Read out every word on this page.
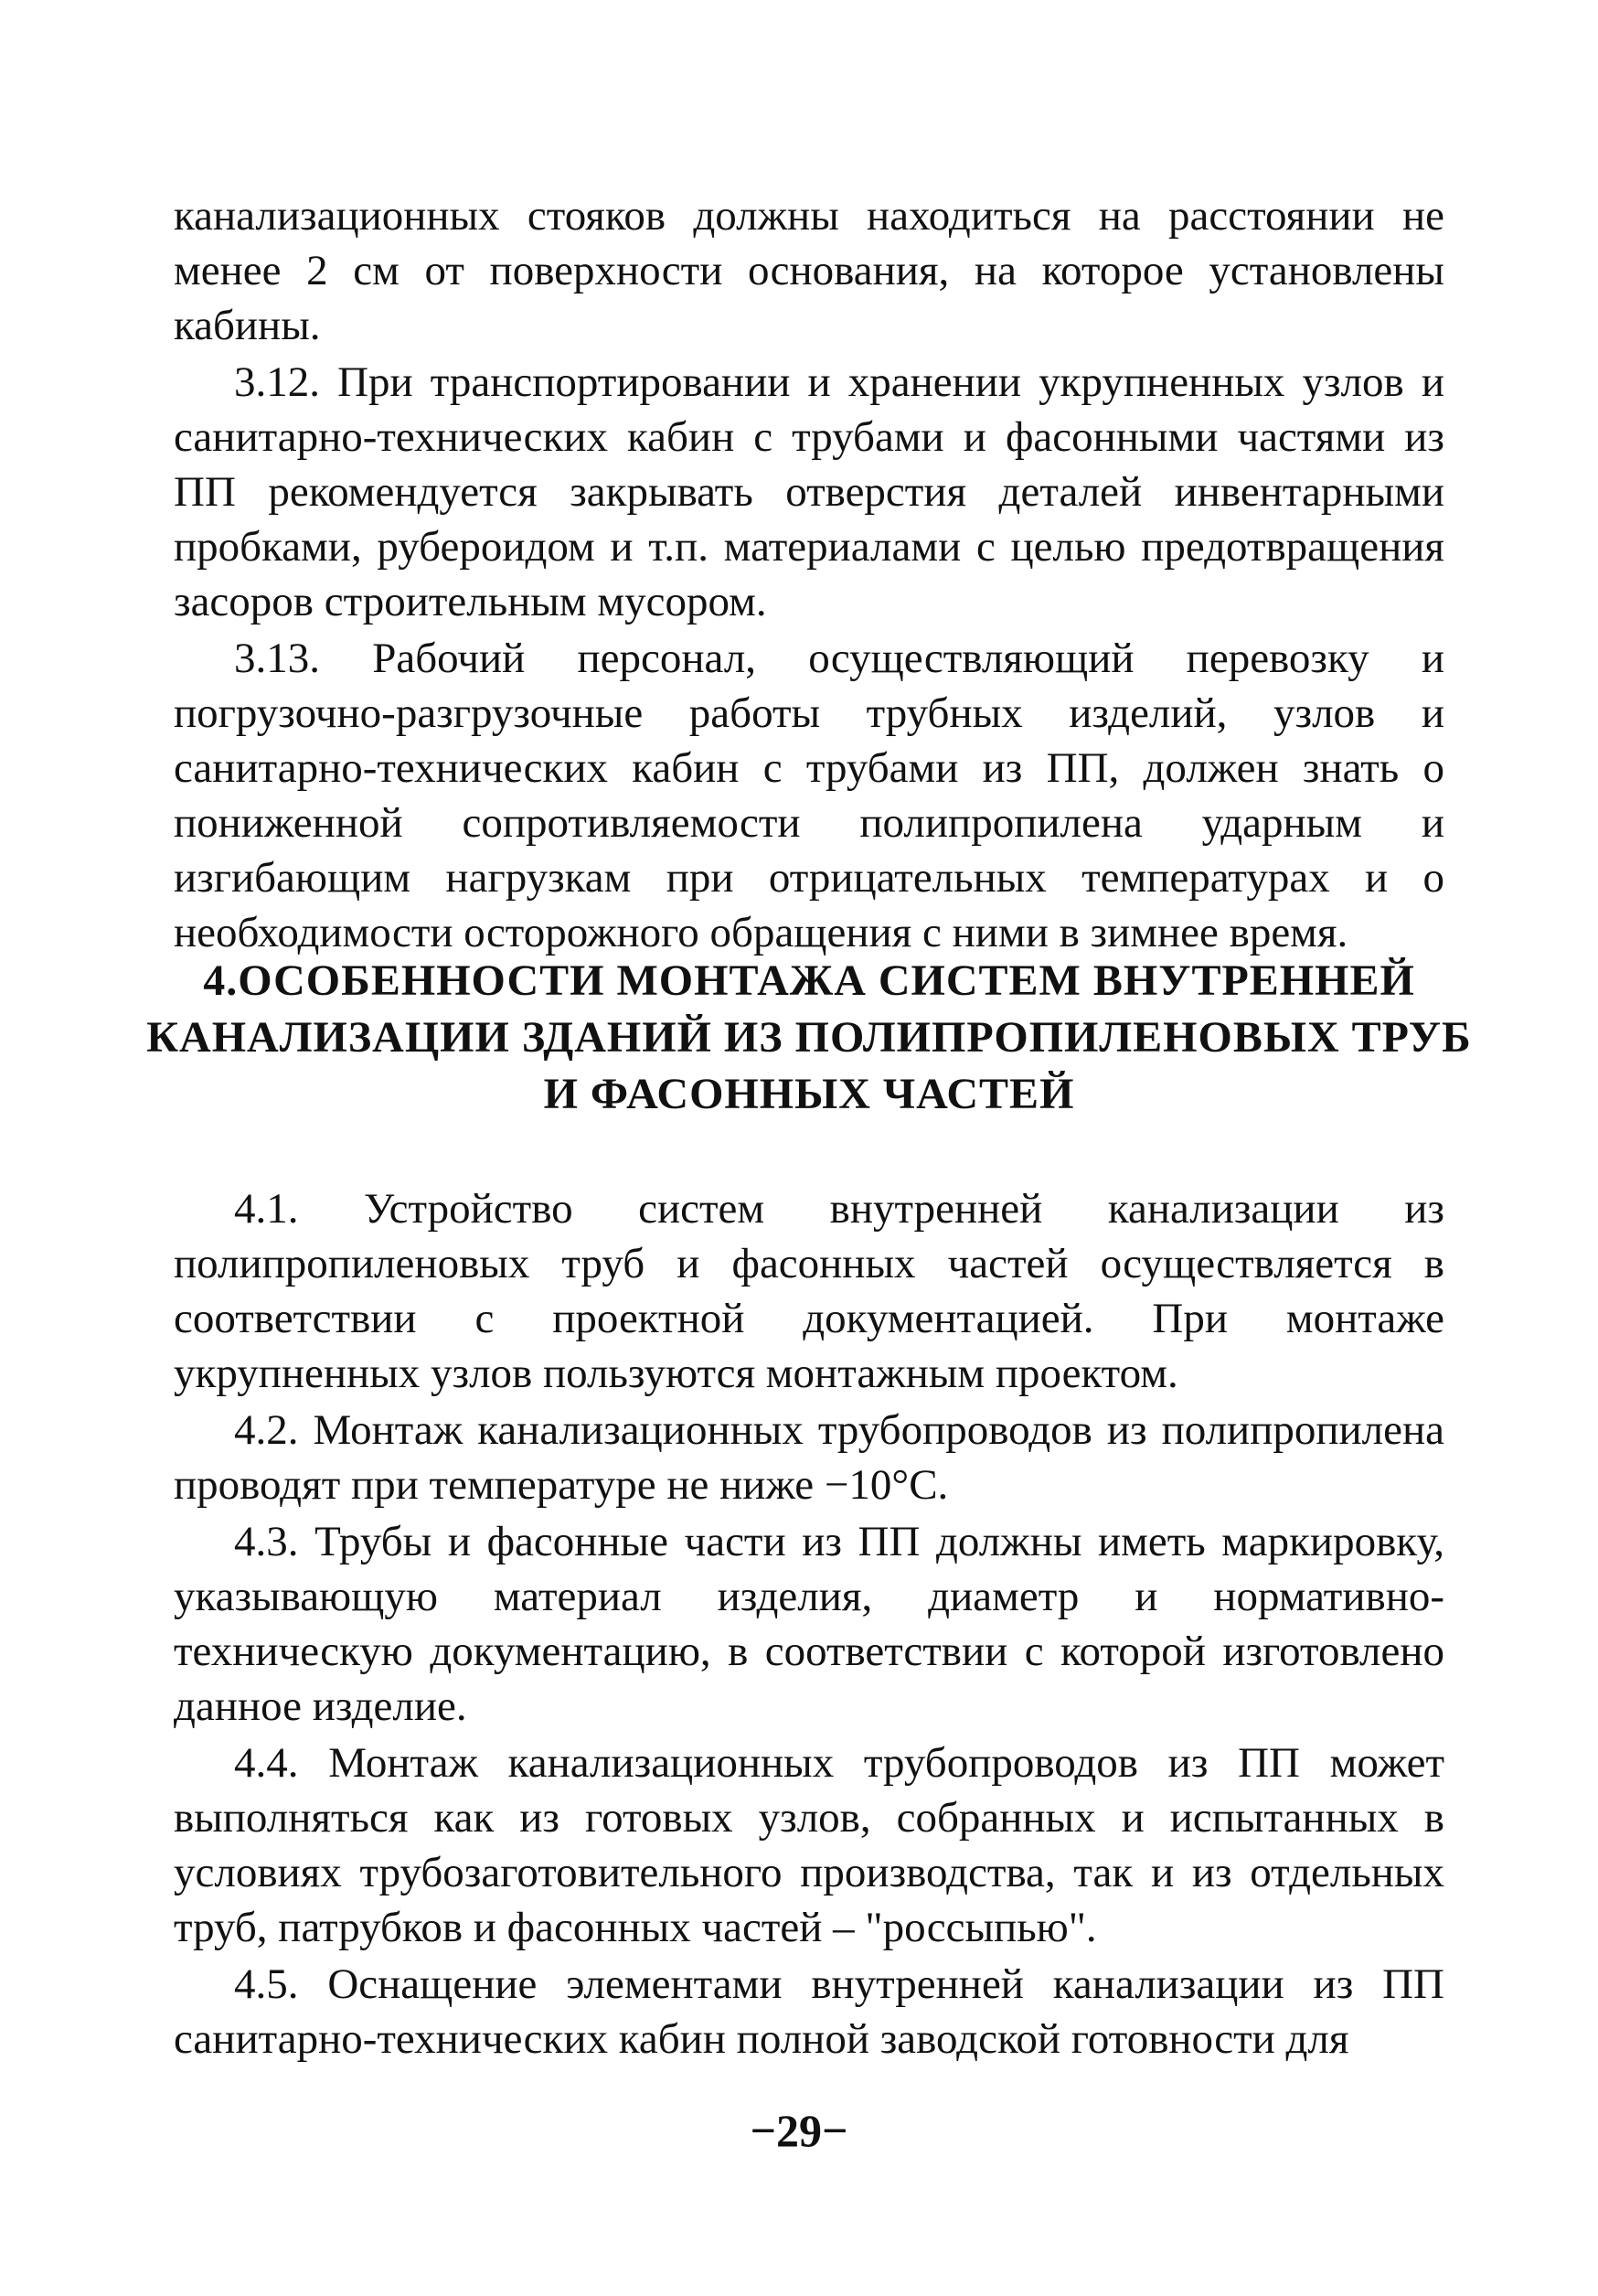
канализационных стояков должны находиться на расстоянии не менее 2 см от поверхности основания, на которое установлены кабины.

3.12. При транспортировании и хранении укрупненных узлов и санитарно-технических кабин с трубами и фасонными частями из ПП рекомендуется закрывать отверстия деталей инвентарными пробками, рубероидом и т.п. материалами с целью предотвращения засоров строительным мусором.

3.13. Рабочий персонал, осуществляющий перевозку и погрузочно-разгрузочные работы трубных изделий, узлов и санитарно-технических кабин с трубами из ПП, должен знать о пониженной сопротивляемости полипропилена ударным и изгибающим нагрузкам при отрицательных температурах и о необходимости осторожного обращения с ними в зимнее время.

4.ОСОБЕННОСТИ МОНТАЖА СИСТЕМ ВНУТРЕННЕЙ КАНАЛИЗАЦИИ ЗДАНИЙ ИЗ ПОЛИПРОПИЛЕНОВЫХ ТРУБ И ФАСОННЫХ ЧАСТЕЙ

4.1. Устройство систем внутренней канализации из полипропиленовых труб и фасонных частей осуществляется в соответствии с проектной документацией. При монтаже укрупненных узлов пользуются монтажным проектом.

4.2. Монтаж канализационных трубопроводов из полипропилена проводят при температуре не ниже −10°С.

4.3. Трубы и фасонные части из ПП должны иметь маркировку, указывающую материал изделия, диаметр и нормативно-техническую документацию, в соответствии с которой изготовлено данное изделие.

4.4. Монтаж канализационных трубопроводов из ПП может выполняться как из готовых узлов, собранных и испытанных в условиях трубозаготовительного производства, так и из отдельных труб, патрубков и фасонных частей – "россыпью".

4.5. Оснащение элементами внутренней канализации из ПП санитарно-технических кабин полной заводской готовности для

−29−
